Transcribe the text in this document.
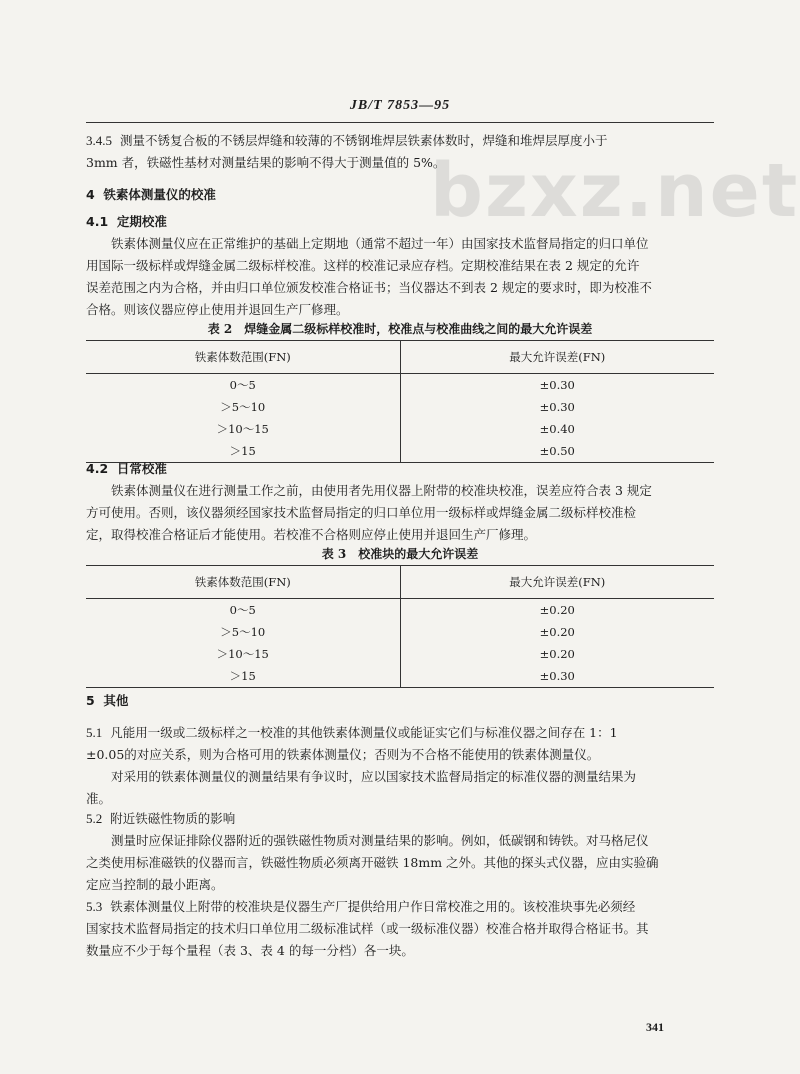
JB/T 7853—95
bzxz.net
3.4.5 测量不锈复合板的不锈层焊缝和较薄的不锈钢堆焊层铁素体数时，焊缝和堆焊层厚度小于
3mm 者，铁磁性基材对测量结果的影响不得大于测量值的 5%。
4 铁素体测量仪的校准
4.1 定期校准
铁素体测量仪应在正常维护的基础上定期地（通常不超过一年）由国家技术监督局指定的归口单位
用国际一级标样或焊缝金属二级标样校准。这样的校准记录应存档。定期校准结果在表 2 规定的允许
误差范围之内为合格，并由归口单位颁发校准合格证书；当仪器达不到表 2 规定的要求时，即为校准不
合格。则该仪器应停止使用并退回生产厂修理。
表 2　焊缝金属二级标样校准时，校准点与校准曲线之间的最大允许误差
铁素体数范围(FN)	最大允许误差(FN)
0～5	±0.30
＞5～10	±0.30
＞10～15	±0.40
＞15	±0.50
4.2 日常校准
铁素体测量仪在进行测量工作之前，由使用者先用仪器上附带的校准块校准，误差应符合表 3 规定
方可使用。否则，该仪器须经国家技术监督局指定的归口单位用一级标样或焊缝金属二级标样校准检
定，取得校准合格证后才能使用。若校准不合格则应停止使用并退回生产厂修理。
表 3　校准块的最大允许误差
铁素体数范围(FN)	最大允许误差(FN)
0～5	±0.20
＞5～10	±0.20
＞10～15	±0.20
＞15	±0.30
5 其他
5.1 凡能用一级或二级标样之一校准的其他铁素体测量仪或能证实它们与标准仪器之间存在 1：1
±0.05的对应关系，则为合格可用的铁素体测量仪；否则为不合格不能使用的铁素体测量仪。
对采用的铁素体测量仪的测量结果有争议时，应以国家技术监督局指定的标准仪器的测量结果为
准。
5.2 附近铁磁性物质的影响
测量时应保证排除仪器附近的强铁磁性物质对测量结果的影响。例如，低碳钢和铸铁。对马格尼仪
之类使用标准磁铁的仪器而言，铁磁性物质必须离开磁铁 18mm 之外。其他的探头式仪器，应由实验确
定应当控制的最小距离。
5.3 铁素体测量仪上附带的校准块是仪器生产厂提供给用户作日常校准之用的。该校准块事先必须经
国家技术监督局指定的技术归口单位用二级标准试样（或一级标准仪器）校准合格并取得合格证书。其
数量应不少于每个量程（表 3、表 4 的每一分档）各一块。
341
